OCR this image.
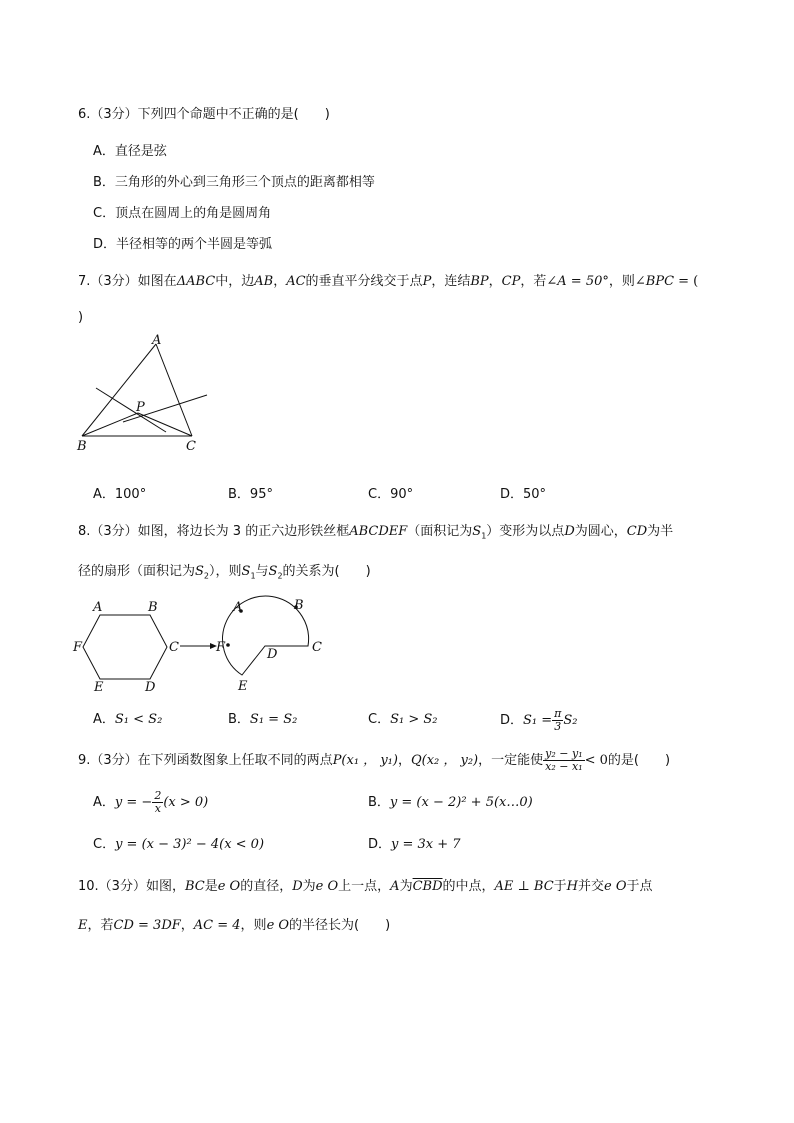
6.（3分）下列四个命题中不正确的是(　　)
A．直径是弦
B．三角形的外心到三角形三个顶点的距离都相等
C．顶点在圆周上的角是圆周角
D．半径相等的两个半圆是等弧
7.（3分）如图在ΔABC中，边AB，AC的垂直平分线交于点P，连结BP，CP，若∠A = 50°，则∠BPC = (
)
A
B	C
P
A．100°	B．95°	C．90°	D．50°
8.（3分）如图，将边长为 3 的正六边形铁丝框ABCDEF（面积记为$S_1$）变形为以点D为圆心，CD为半
径的扇形（面积记为$S_2$），则$S_1$与$S_2$的关系为(　　)
A	B
C
D
E
F
A	B
C
D
E
F
A．S₁ < S₂	B．S₁ = S₂	C．S₁ > S₂	D．$S_1 = \frac{\pi}{3} S_2$
9.（3分）在下列函数图象上任取不同的两点P(x₁ ， y₁)，Q(x₂ ， y₂)，一定能使 $\frac{\text{y₂ − y₁}}{\text{x₂ − x₁}} < 0$的是(　　)
A．y = − $\frac{2}{x} (x > 0)$	B．y = (x − 2)² + 5(x…0)
C．y = (x − 3)² − 4(x < 0)	D．y = 3x + 7
10.（3分）如图，BC是e O的直径，D为e O上一点，A为$\overline{CBD}$的中点，AE ⊥ BC于H并交e O于点
E，若CD = 3DF，AC = 4，则e O的半径长为(　　)
